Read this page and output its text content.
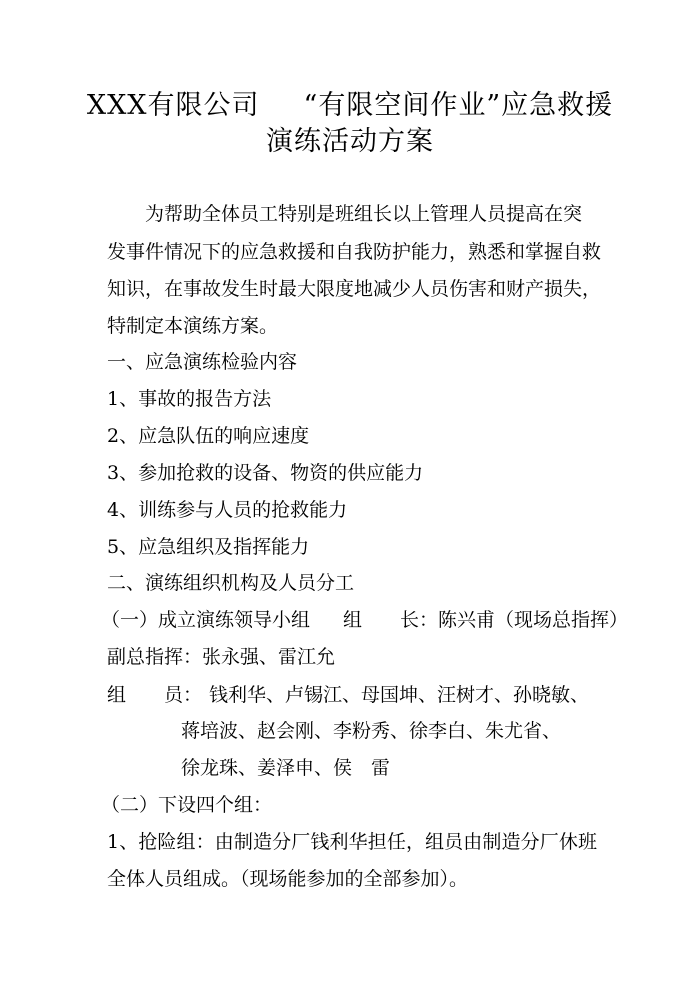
XXX有限公司 “有限空间作业”应急救援
演练活动方案
为帮助全体员工特别是班组长以上管理人员提高在突
发事件情况下的应急救援和自我防护能力，熟悉和掌握自救
知识，在事故发生时最大限度地减少人员伤害和财产损失，
特制定本演练方案。
一、应急演练检验内容
1、事故的报告方法
2、应急队伍的响应速度
3、参加抢救的设备、物资的供应能力
4、训练参与人员的抢救能力
5、应急组织及指挥能力
二、演练组织机构及人员分工
（一）成立演练领导小组 组　　长：陈兴甫（现场总指挥）
副总指挥：张永强、雷江允
组　　员： 钱利华、卢锡江、母国坤、汪树才、孙晓敏、
蒋培波、赵会刚、李粉秀、徐李白、朱尤省、
徐龙珠、姜泽申、侯　雷
（二）下设四个组：
1、抢险组：由制造分厂钱利华担任，组员由制造分厂休班
全体人员组成。（现场能参加的全部参加）。
